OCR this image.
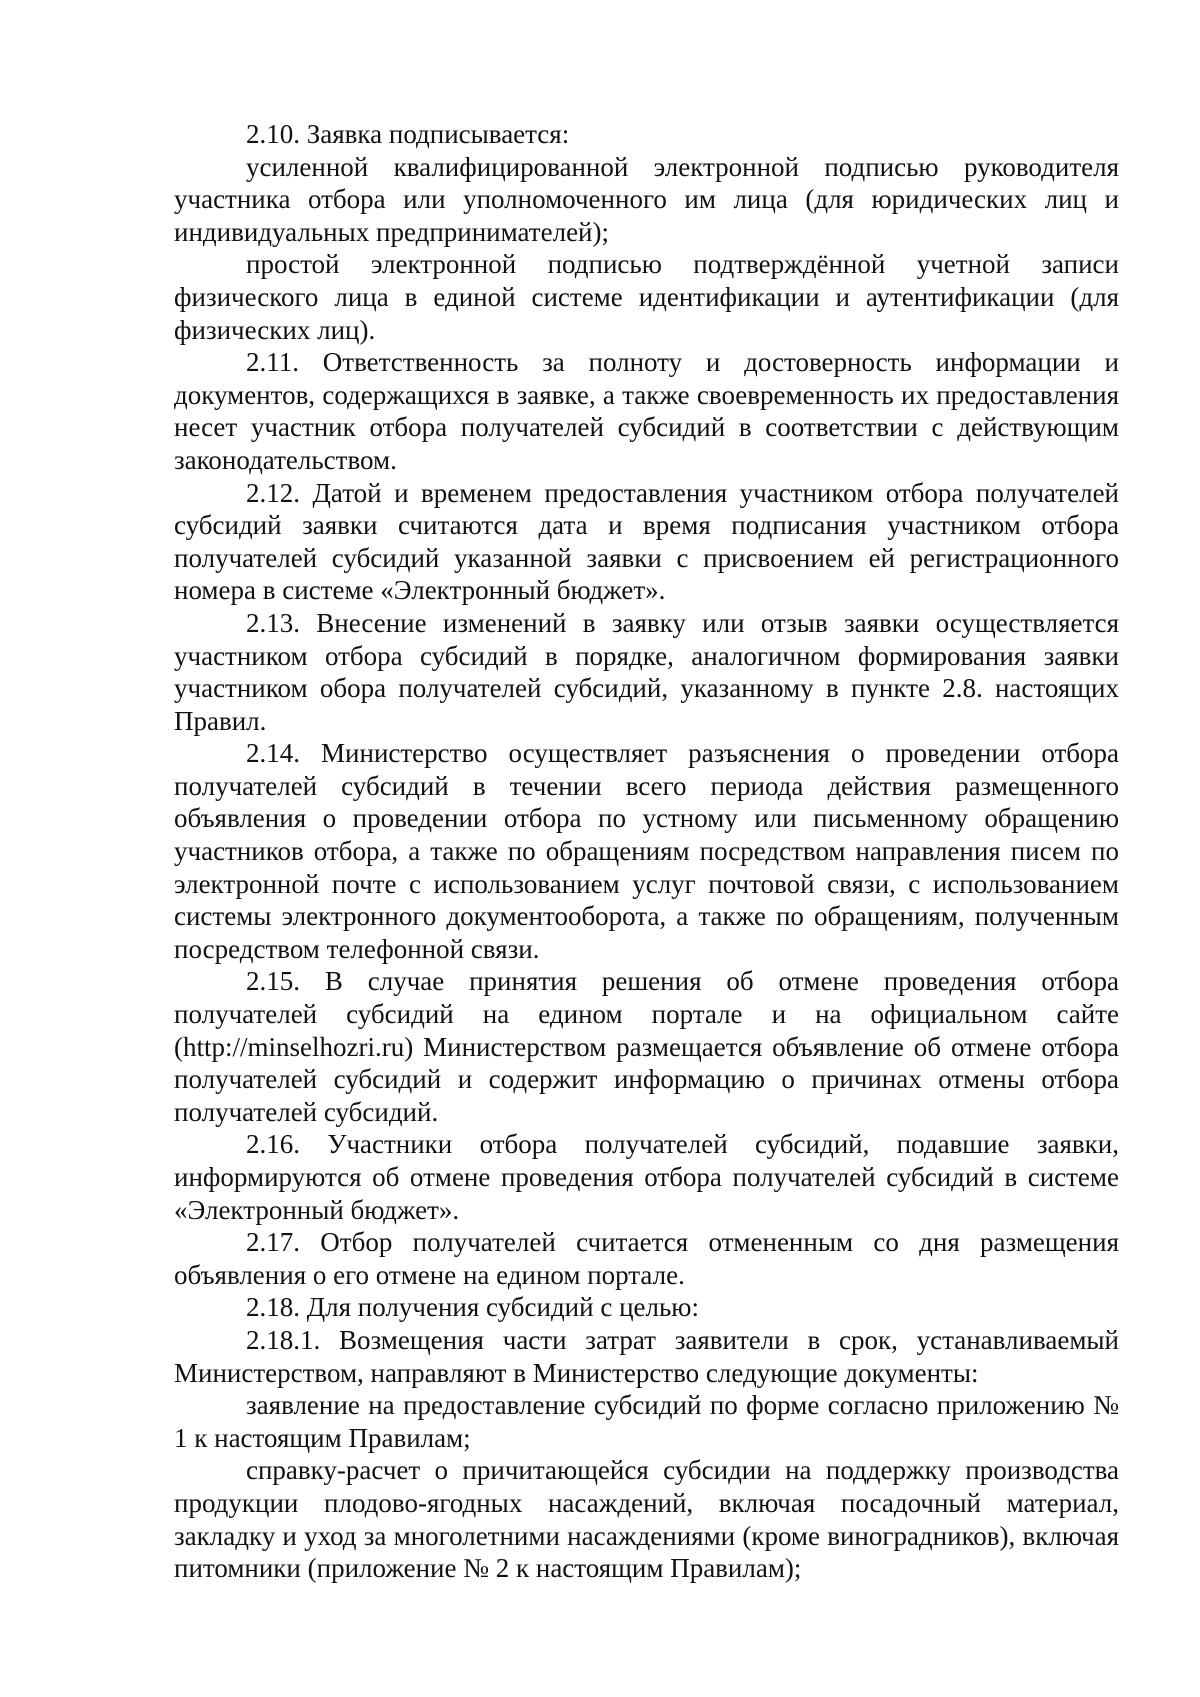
2.10. Заявка подписывается:

усиленной квалифицированной электронной подписью руководителя участника отбора или уполномоченного им лица (для юридических лиц и индивидуальных предпринимателей);

простой электронной подписью подтверждённой учетной записи физического лица в единой системе идентификации и аутентификации (для физических лиц).

2.11. Ответственность за полноту и достоверность информации и документов, содержащихся в заявке, а также своевременность их предоставления несет участник отбора получателей субсидий в соответствии с действующим законодательством.

2.12. Датой и временем предоставления участником отбора получателей субсидий заявки считаются дата и время подписания участником отбора получателей субсидий указанной заявки с присвоением ей регистрационного номера в системе «Электронный бюджет».

2.13. Внесение изменений в заявку или отзыв заявки осуществляется участником отбора субсидий в порядке, аналогичном формирования заявки участником обора получателей субсидий, указанному в пункте 2.8. настоящих Правил.

2.14. Министерство осуществляет разъяснения о проведении отбора получателей субсидий в течении всего периода действия размещенного объявления о проведении отбора по устному или письменному обращению участников отбора, а также по обращениям посредством направления писем по электронной почте с использованием услуг почтовой связи, с использованием системы электронного документооборота, а также по обращениям, полученным посредством телефонной связи.

2.15. В случае принятия решения об отмене проведения отбора получателей субсидий на едином портале и на официальном сайте (http://minselhozri.ru) Министерством размещается объявление об отмене отбора получателей субсидий и содержит информацию о причинах отмены отбора получателей субсидий.

2.16. Участники отбора получателей субсидий, подавшие заявки, информируются об отмене проведения отбора получателей субсидий в системе «Электронный бюджет».

2.17. Отбор получателей считается отмененным со дня размещения объявления о его отмене на едином портале.

2.18. Для получения субсидий с целью:

2.18.1. Возмещения части затрат заявители в срок, устанавливаемый Министерством, направляют в Министерство следующие документы:

заявление на предоставление субсидий по форме согласно приложению № 1 к настоящим Правилам;

справку-расчет о причитающейся субсидии на поддержку производства продукции плодово-ягодных насаждений, включая посадочный материал, закладку и уход за многолетними насаждениями (кроме виноградников), включая питомники (приложение № 2 к настоящим Правилам);
